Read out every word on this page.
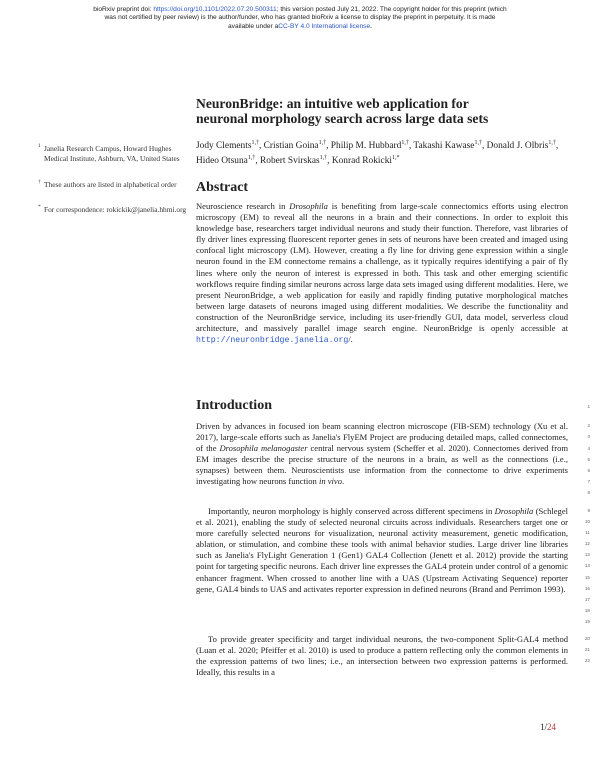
bioRxiv preprint doi: https://doi.org/10.1101/2022.07.20.500311; this version posted July 21, 2022. The copyright holder for this preprint (which
was not certified by peer review) is the author/funder, who has granted bioRxiv a license to display the preprint in perpetuity. It is made
available under aCC-BY 4.0 International license.
NeuronBridge: an intuitive web application for
neuronal morphology search across large data sets
Jody Clements$^{1,\dagger}$, Cristian Goina$^{1,\dagger}$, Philip M. Hubbard$^{1,\dagger}$, Takashi Kawase$^{1,\dagger}$, Donald J. Olbris$^{1,\dagger}$, Hideo Otsuna$^{1,\dagger}$, Robert Svirskas$^{1,\dagger}$, Konrad Rokicki$^{1,*}$
1 Janelia Research Campus, Howard Hughes Medical Institute, Ashburn, VA, United States
† These authors are listed in alphabetical order
* For correspondence: rokickik@janelia.hhmi.org
Abstract
Neuroscience research in Drosophila is benefiting from large-scale connectomics efforts using electron microscopy (EM) to reveal all the neurons in a brain and their connections. In order to exploit this knowledge base, researchers target individual neurons and study their function. Therefore, vast libraries of fly driver lines expressing fluorescent reporter genes in sets of neurons have been created and imaged using confocal light microscopy (LM). However, creating a fly line for driving gene expression within a single neuron found in the EM connectome remains a challenge, as it typically requires identifying a pair of fly lines where only the neuron of interest is expressed in both. This task and other emerging scientific workflows require finding similar neurons across large data sets imaged using different modalities. Here, we present NeuronBridge, a web application for easily and rapidly finding putative morphological matches between large datasets of neurons imaged using different modalities. We describe the functionality and construction of the NeuronBridge service, including its user-friendly GUI, data model, serverless cloud architecture, and massively parallel image search engine. NeuronBridge is openly accessible at http://neuronbridge.janelia.org/.
Introduction
Driven by advances in focused ion beam scanning electron microscope (FIB-SEM) technology (Xu et al. 2017), large-scale efforts such as Janelia's FlyEM Project are producing detailed maps, called connectomes, of the Drosophila melanogaster central nervous system (Scheffer et al. 2020). Connectomes derived from EM images describe the precise structure of the neurons in a brain, as well as the connections (i.e., synapses) between them. Neuroscientists use information from the connectome to drive experiments investigating how neurons function in vivo.
Importantly, neuron morphology is highly conserved across different specimens in Drosophila (Schlegel et al. 2021), enabling the study of selected neuronal circuits across individuals. Researchers target one or more carefully selected neurons for visualization, neuronal activity measurement, genetic modification, ablation, or stimulation, and combine these tools with animal behavior studies. Large driver line libraries such as Janelia's FlyLight Generation 1 (Gen1) GAL4 Collection (Jenett et al. 2012) provide the starting point for targeting specific neurons. Each driver line expresses the GAL4 protein under control of a genomic enhancer fragment. When crossed to another line with a UAS (Upstream Activating Sequence) reporter gene, GAL4 binds to UAS and activates reporter expression in defined neurons (Brand and Perrimon 1993).
To provide greater specificity and target individual neurons, the two-component Split-GAL4 method (Luan et al. 2020; Pfeiffer et al. 2010) is used to produce a pattern reflecting only the common elements in the expression patterns of two lines; i.e., an intersection between two expression patterns is performed. Ideally, this results in a
1
2
3
4
5
6
7
8
9
10
11
12
13
14
15
16
17
18
19
20
21
22
1/24
